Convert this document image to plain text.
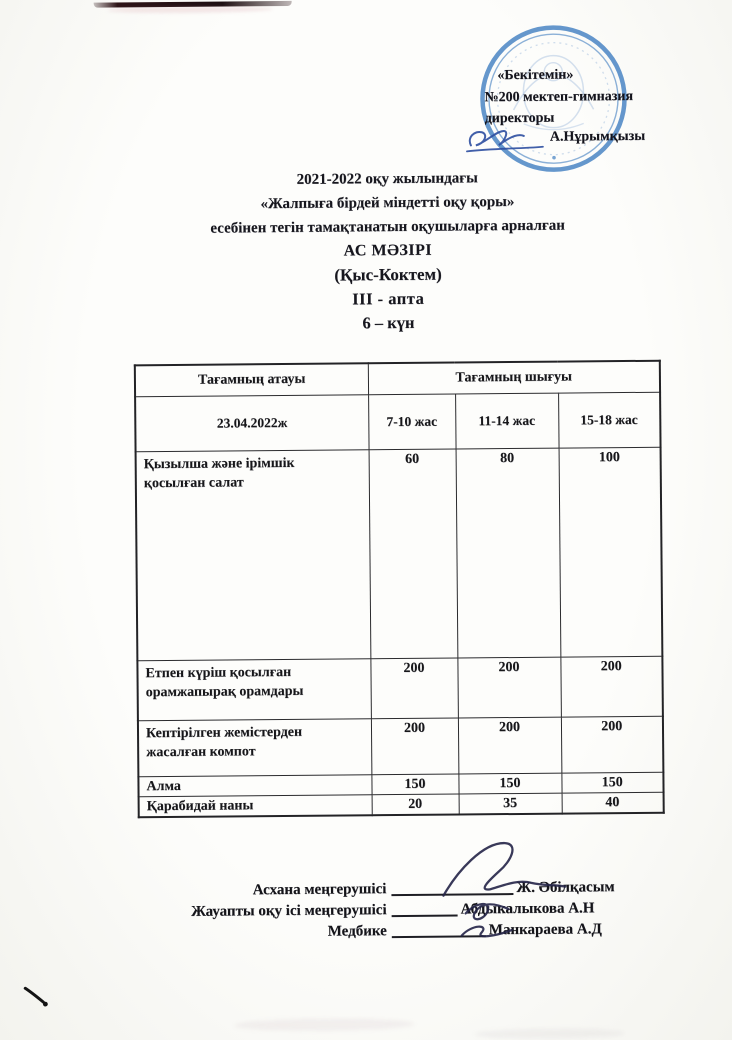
«Бекітемін»
№200 мектеп-гимназия
директоры
А.Нұрымқызы
2021-2022 оқу жылындағы
«Жалпыға бірдей міндетті оқу қоры»
есебінен тегін тамақтанатын оқушыларға арналған
АС МӘЗІРІ
(Қыс-Коктем)
III - апта
6 – күн
Тағамның атауы	Тағамның шығуы		
23.04.2022ж	7-10 жас	11-14 жас	15-18 жас
Қызылша және ірімшік қосылған салат	60	80	100
Етпен күріш қосылған орамжапырақ орамдары	200	200	200
Кептірілген жемістерден жасалған компот	200	200	200
Алма	150	150	150
Қарабидай наны	20	35	40
Асхана меңгерушісі	Ж. Әбілқасым
Жауапты оқу ісі меңгерушісі	Абдыкалыкова А.Н
Медбике	Манкараева А.Д
